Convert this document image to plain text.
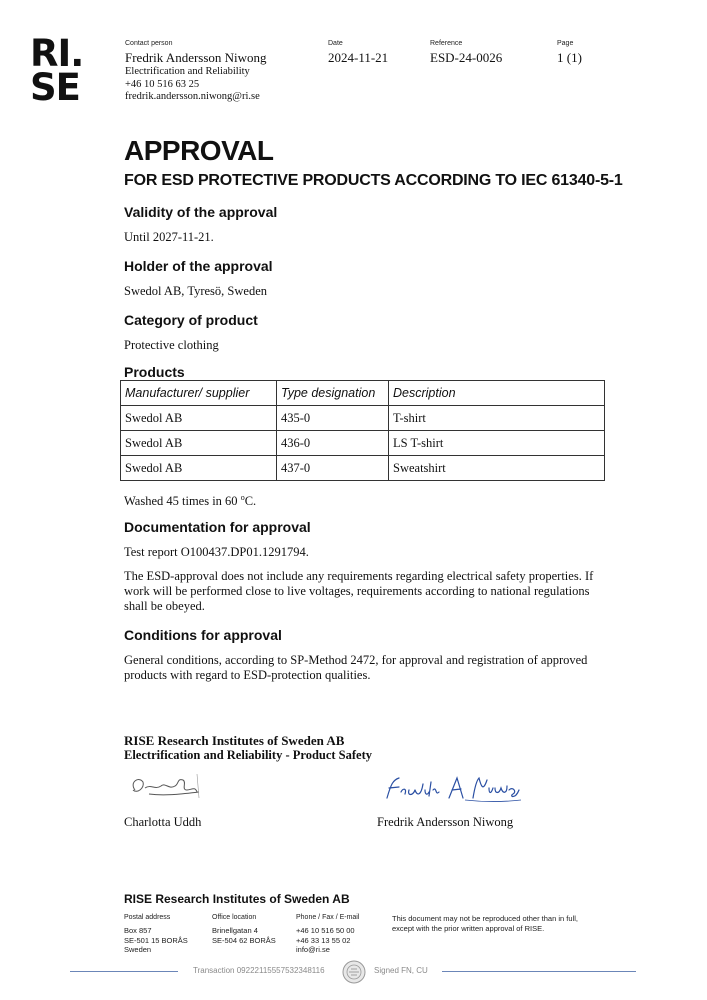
RI.
SE
Contact person
Fredrik Andersson Niwong
Electrification and Reliability
+46 10 516 63 25
fredrik.andersson.niwong@ri.se
Date
2024-11-21
Reference
ESD-24-0026
Page
1 (1)
APPROVAL
FOR ESD PROTECTIVE PRODUCTS ACCORDING TO IEC 61340-5-1
Validity of the approval
Until 2027-11-21.
Holder of the approval
Swedol AB, Tyresö, Sweden
Category of product
Protective clothing
Products
Manufacturer/ supplier	Type designation	Description
Swedol AB	435-0	T-shirt
Swedol AB	436-0	LS T-shirt
Swedol AB	437-0	Sweatshirt
Washed 45 times in 60 $^o$C.
Documentation for approval
Test report O100437.DP01.1291794.
The ESD-approval does not include any requirements regarding electrical safety properties. If
work will be performed close to live voltages, requirements according to national regulations
shall be obeyed.
Conditions for approval
General conditions, according to SP-Method 2472, for approval and registration of approved
products with regard to ESD-protection qualities.
RISE Research Institutes of Sweden AB
Electrification and Reliability - Product Safety
Charlotta Uddh	Fredrik Andersson Niwong
RISE Research Institutes of Sweden AB
Postal address
Box 857
SE-501 15 BORÅS
Sweden
Office location
Brinellgatan 4
SE-504 62 BORÅS
Phone / Fax / E-mail
+46 10 516 50 00
+46 33 13 55 02
info@ri.se
This document may not be reproduced other than in full,
except with the prior written approval of RISE.
Transaction 09222115557532348116	Signed FN, CU
